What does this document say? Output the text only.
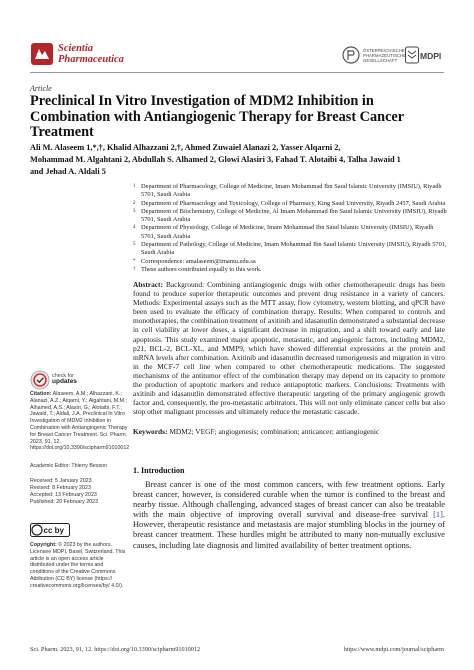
Scientia
Pharmaceutica
ÖSTERREICHISCHE
PHARMAZEUTISCHE
GESELLSCHAFT	MDPI
Article
Preclinical In Vitro Investigation of MDM2 Inhibition in Combination with Antiangiogenic Therapy for Breast Cancer Treatment
Ali M. Alaseem 1,*,†, Khalid Alhazzani 2,†, Ahmed Zuwaiel Alanazi 2, Yasser Alqarni 2,
Mohammad M. Algahtani 2, Abdullah S. Alhamed 2, Glowi Alasiri 3, Fahad T. Alotaibi 4, Talha Jawaid 1
and Jehad A. Aldali 5
1 Department of Pharmacology, College of Medicine, Imam Mohammad Ibn Saud Islamic University (IMSIU), Riyadh 5701, Saudi Arabia
2 Department of Pharmacology and Toxicology, College of Pharmacy, King Saud University, Riyadh 2457, Saudi Arabia
3 Department of Biochemistry, College of Medicine, Al Imam Mohammad Ibn Saud Islamic University (IMSIU), Riyadh 5701, Saudi Arabia
4 Department of Physiology, College of Medicine, Imam Mohammad Ibn Saud Islamic University (IMSIU), Riyadh 5701, Saudi Arabia
5 Department of Pathology, College of Medicine, Imam Mohammad Ibn Saud Islamic University (IMSIU), Riyadh 5701, Saudi Arabia
* Correspondence: amalaseem@imamu.edu.sa
† These authors contributed equally to this work.
Abstract: Background: Combining antiangiogenic drugs with other chemotherapeutic drugs has been found to produce superior therapeutic outcomes and prevent drug resistance in a variety of cancers. Methods: Experimental assays such as the MTT assay, flow cytometry, western blotting, and qPCR have been used to evaluate the efficacy of combination therapy. Results: When compared to controls and monotherapies, the combination treatment of axitinib and idasanutlin demonstrated a substantial decrease in cell viability at lower doses, a significant decrease in migration, and a shift toward early and late apoptosis. This study examined major apoptotic, metastatic, and angiogenic factors, including MDM2, p21, BCL-2, BCL-XL, and MMP9, which have showed differential expressions at the protein and mRNA levels after combination. Axitinib and idasanutlin decreased tumorigenesis and migration in vitro in the MCF-7 cell line when compared to other chemotherapeutic medications. The suggested mechanisms of the antitumor effect of the combination therapy may depend on its capacity to promote the production of apoptotic markers and reduce antiapoptotic markers. Conclusions: Treatments with axitinib and idasanutlin demonstrated effective therapeutic targeting of the primary angiogenic growth factor and, consequently, the pro-metastatic arbitrators. This will not only eliminate cancer cells but also stop other malignant processes and ultimately reduce the metastatic cascade.
Keywords: MDM2; VEGF; angiogenesis; combination; anticancer; antiangiogenic
1. Introduction
Breast cancer is one of the most common cancers, with few treatment options. Early breast cancer, however, is considered curable when the tumor is confined to the breast and nearby tissue. Although challenging, advanced stages of breast cancer can also be treatable with the main objective of improving overall survival and disease-free survival [1]. However, therapeutic resistance and metastasis are major stumbling blocks in the journey of breast cancer treatment. These hurdles might be attributed to many non-mutually exclusive causes, including late diagnosis and limited availability of better treatment options.
check for
updates
Citation: Alaseem, A.M.; Alhazzani, K.; Alanazi, A.Z.; Alqarni, Y.; Algahtani, M.M.; Alhamed, A.S.; Alasiri, G.; Alotaibi, F.T.; Jawaid, T.; Aldali, J.A. Preclinical In Vitro Investigation of MDM2 Inhibition in Combination with Antiangiogenic Therapy for Breast Cancer Treatment. Sci. Pharm. 2023, 91, 12. https://doi.org/10.3390/scipharm91010012
Academic Editor: Thierry Besson
Received: 5 January 2023
Revised: 8 February 2023
Accepted: 13 February 2023
Published: 20 February 2023
cc by
Copyright: © 2023 by the authors. Licensee MDPI, Basel, Switzerland. This article is an open access article distributed under the terms and conditions of the Creative Commons Attribution (CC BY) license (https:// creativecommons.org/licenses/by/ 4.0/).
Sci. Pharm. 2023, 91, 12. https://doi.org/10.3390/scipharm91010012	https://www.mdpi.com/journal/scipharm
